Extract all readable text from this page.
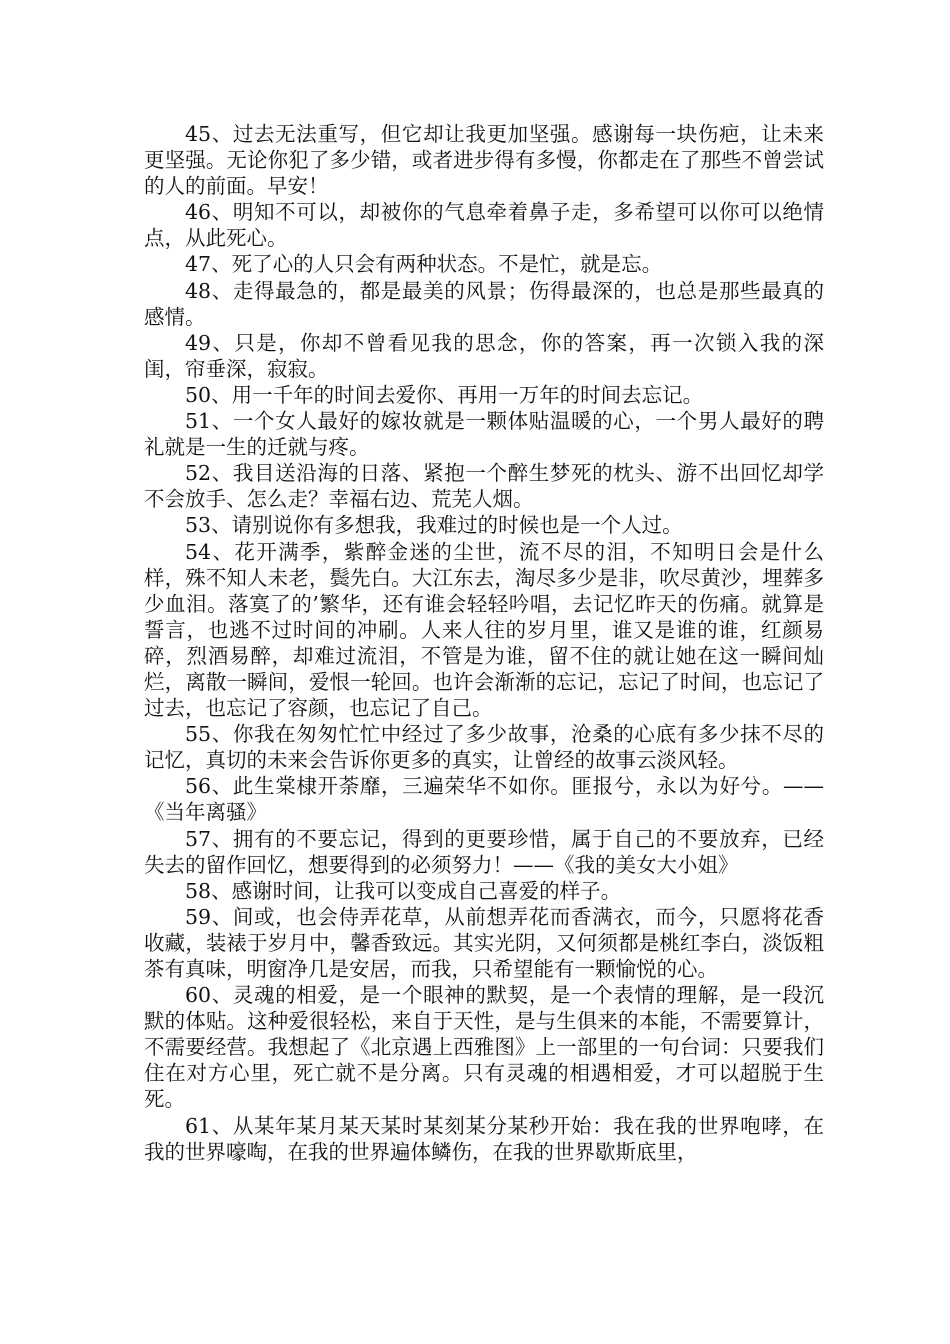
45、过去无法重写，但它却让我更加坚强。感谢每一块伤疤，让未来更坚强。无论你犯了多少错，或者进步得有多慢，你都走在了那些不曾尝试的人的前面。早安！

46、明知不可以，却被你的气息牵着鼻子走，多希望可以你可以绝情点，从此死心。

47、死了心的人只会有两种状态。不是忙，就是忘。

48、走得最急的，都是最美的风景；伤得最深的，也总是那些最真的感情。

49、只是，你却不曾看见我的思念，你的答案，再一次锁入我的深闺，帘垂深，寂寂。

50、用一千年的时间去爱你、再用一万年的时间去忘记。

51、一个女人最好的嫁妆就是一颗体贴温暖的心，一个男人最好的聘礼就是一生的迁就与疼。

52、我目送沿海的日落、紧抱一个醉生梦死的枕头、游不出回忆却学不会放手、怎么走？幸福右边、荒芜人烟。

53、请别说你有多想我，我难过的时候也是一个人过。

54、花开满季，紫醉金迷的尘世，流不尽的泪，不知明日会是什么样，殊不知人未老，鬓先白。大江东去，淘尽多少是非，吹尽黄沙，埋葬多少血泪。落寞了的’繁华，还有谁会轻轻吟唱，去记忆昨天的伤痛。就算是誓言，也逃不过时间的冲刷。人来人往的岁月里，谁又是谁的谁，红颜易碎，烈酒易醉，却难过流泪，不管是为谁，留不住的就让她在这一瞬间灿烂，离散一瞬间，爱恨一轮回。也许会渐渐的忘记，忘记了时间，也忘记了过去，也忘记了容颜，也忘记了自己。

55、你我在匆匆忙忙中经过了多少故事，沧桑的心底有多少抹不尽的记忆，真切的未来会告诉你更多的真实，让曾经的故事云淡风轻。

56、此生棠棣开荼靡，三遍荣华不如你。匪报兮，永以为好兮。——《当年离骚》

57、拥有的不要忘记，得到的更要珍惜，属于自己的不要放弃，已经失去的留作回忆，想要得到的必须努力！——《我的美女大小姐》

58、感谢时间，让我可以变成自己喜爱的样子。

59、间或，也会侍弄花草，从前想弄花而香满衣，而今，只愿将花香收藏，装裱于岁月中，馨香致远。其实光阴，又何须都是桃红李白，淡饭粗茶有真味，明窗净几是安居，而我，只希望能有一颗愉悦的心。

60、灵魂的相爱，是一个眼神的默契，是一个表情的理解，是一段沉默的体贴。这种爱很轻松，来自于天性，是与生俱来的本能，不需要算计，不需要经营。我想起了《北京遇上西雅图》上一部里的一句台词：只要我们住在对方心里，死亡就不是分离。只有灵魂的相遇相爱，才可以超脱于生死。

61、从某年某月某天某时某刻某分某秒开始：我在我的世界咆哮，在我的世界嚎啕，在我的世界遍体鳞伤，在我的世界歇斯底里，
